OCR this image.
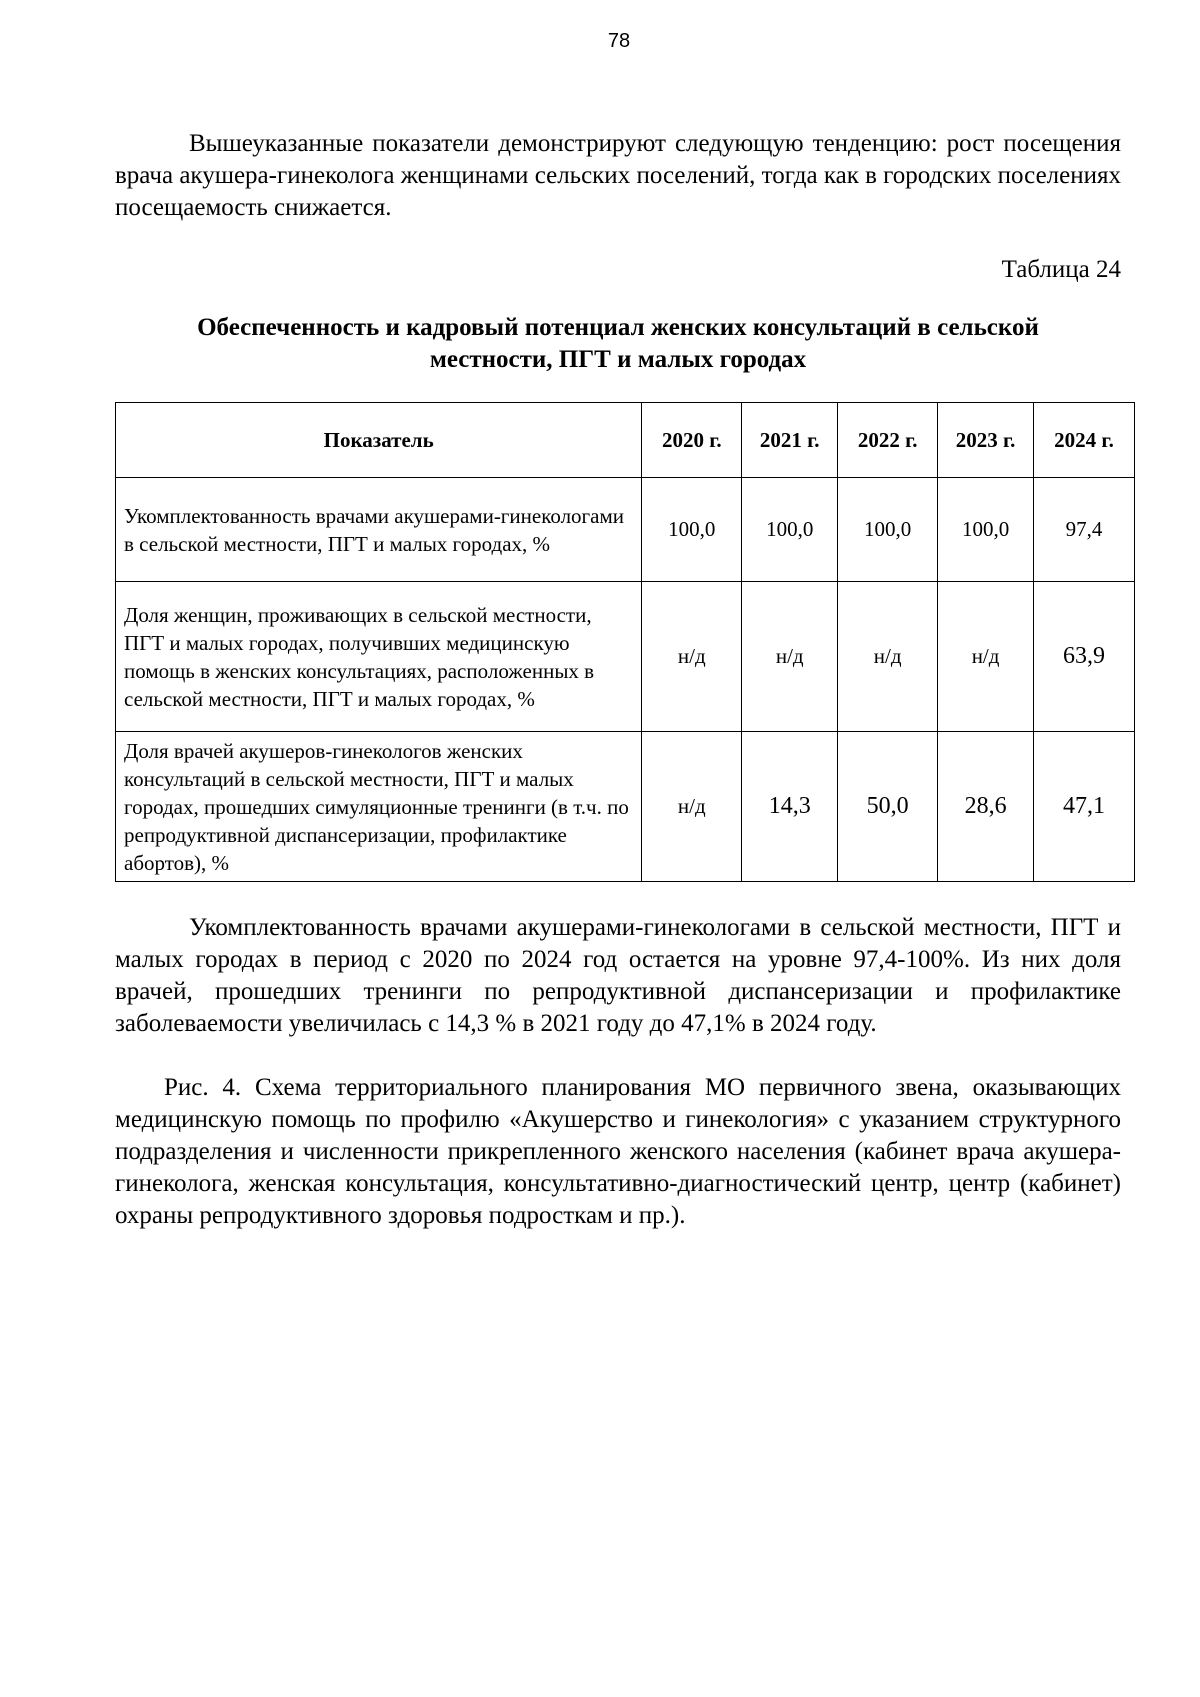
78

Вышеуказанные показатели демонстрируют следующую тенденцию: рост посещения врача акушера-гинеколога женщинами сельских поселений, тогда как в городских поселениях посещаемость снижается.

Таблица 24

Обеспеченность и кадровый потенциал женских консультаций в сельской

местности, ПГТ и малых городах

Показатель	2020 г.	2021 г.	2022 г.	2023 г.	2024 г.
Укомплектованность врачами акушерами-гинекологами в сельской местности, ПГТ и малых городах, %	100,0	100,0	100,0	100,0	97,4
Доля женщин, проживающих в сельской местности, ПГТ и малых городах, получивших медицинскую помощь в женских консультациях, расположенных в сельской местности, ПГТ и малых городах, %	н/д	н/д	н/д	н/д	63,9
Доля врачей акушеров-гинекологов женских консультаций в сельской местности, ПГТ и малых городах, прошедших симуляционные тренинги (в т.ч. по репродуктивной диспансеризации, профилактике абортов), %	н/д	14,3	50,0	28,6	47,1

Укомплектованность врачами акушерами-гинекологами в сельской местности, ПГТ и малых городах в период с 2020 по 2024 год остается на уровне 97,4-100%. Из них доля врачей, прошедших тренинги по репродуктивной диспансеризации и профилактике заболеваемости увеличилась с 14,3 % в 2021 году до 47,1% в 2024 году.

Рис. 4. Схема территориального планирования МО первичного звена, оказывающих медицинскую помощь по профилю «Акушерство и гинекология» с указанием структурного подразделения и численности прикрепленного женского населения (кабинет врача акушера-гинеколога, женская консультация, консультативно-диагностический центр, центр (кабинет) охраны репродуктивного здоровья подросткам и пр.).
